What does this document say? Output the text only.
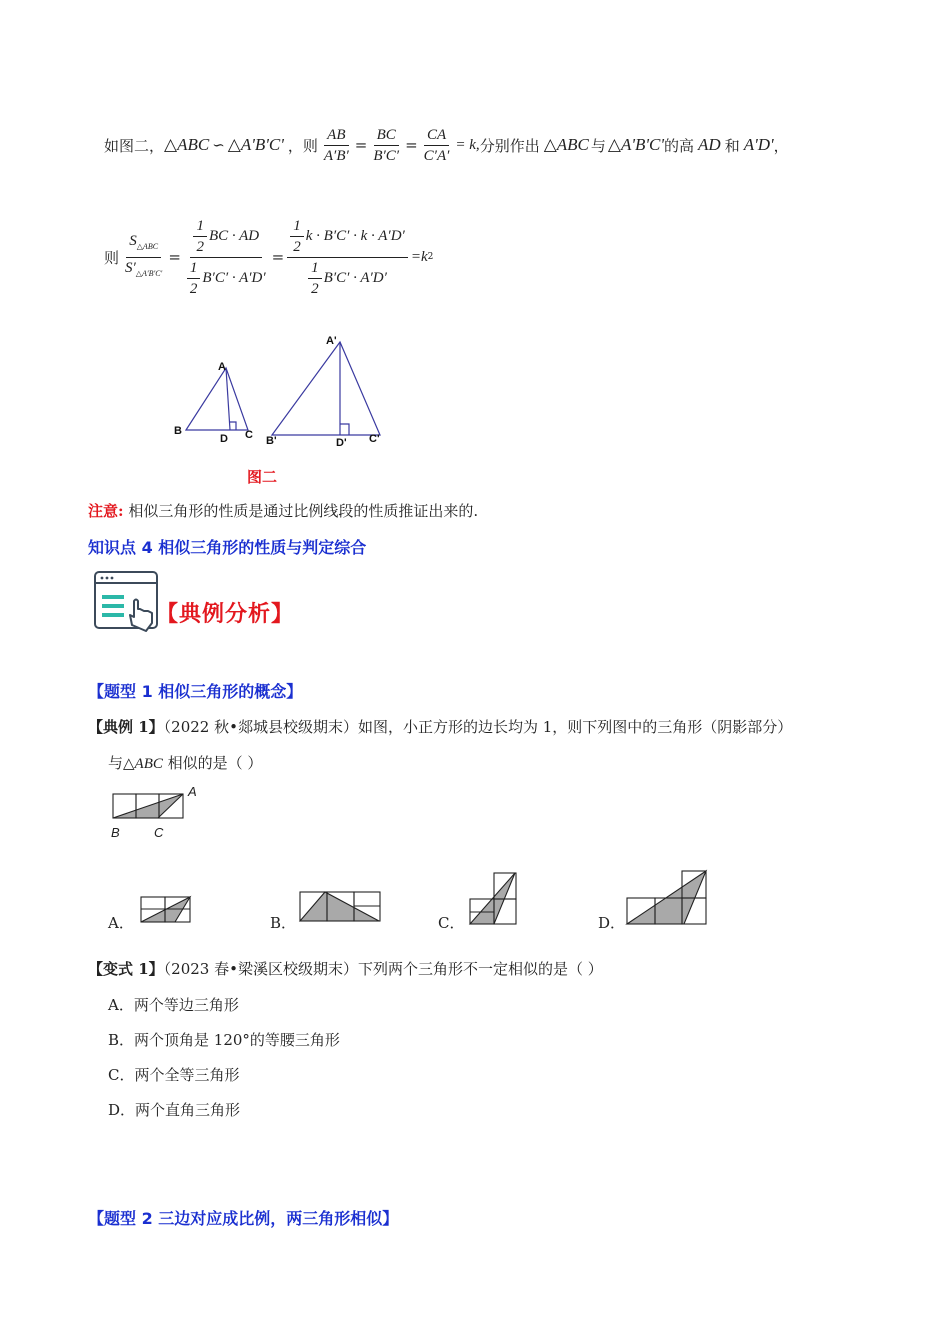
如图二， △ABC ∽ △A'B'C' ，则 $\frac{AB}{A'B'} = \frac{BC}{B'C'} = \frac{CA}{C'A'} = k$, 分别作出 △ABC 与 △A'B'C' 的高 AD 和 A'D' ，
则 $\frac{S_{\triangle ABC}}{S'_{\triangle A'B'C'}} = \frac{\frac{1}{2} BC \cdot AD}{\frac{1}{2} B'C' \cdot A'D'} = \frac{\frac{1}{2} k \cdot B'C' \cdot k \cdot A'D'}{\frac{1}{2} B'C' \cdot A'D'} =k$ 2
A
B
D C
A'
B'	D' C'
图二
注意: 相似三角形的性质是通过比例线段的性质推证出来的.
知识点 4 相似三角形的性质与判定综合
【典例分析】
【题型 1 相似三角形的概念】
【典例 1】（2022 秋•郯城县校级期末）如图，小正方形的边长均为 1，则下列图中的三角形（阴影部分）
与△ABC 相似的是（ ）
A
B	C
A．	B．	C．	D．
【变式 1】（2023 春•梁溪区校级期末）下列两个三角形不一定相似的是（ ）
A．两个等边三角形
B．两个顶角是 120°的等腰三角形
C．两个全等三角形
D．两个直角三角形
【题型 2 三边对应成比例，两三角形相似】
